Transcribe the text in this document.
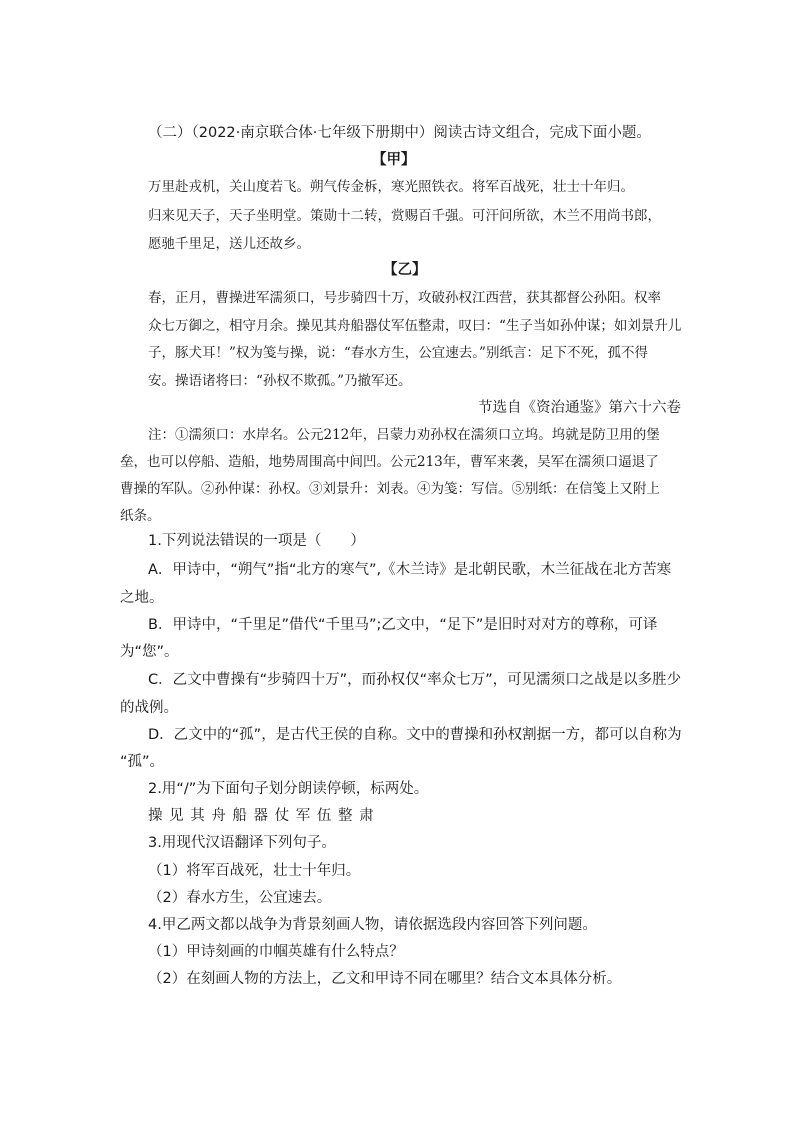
（二）（2022·南京联合体·七年级下册期中）阅读古诗文组合，完成下面小题。
【甲】
万里赴戎机，关山度若飞。朔气传金柝，寒光照铁衣。将军百战死，壮士十年归。
归来见天子，天子坐明堂。策勋十二转，赏赐百千强。可汗问所欲，木兰不用尚书郎，
愿驰千里足，送儿还故乡。
【乙】
春，正月，曹操进军濡须口，号步骑四十万，攻破孙权江西营，获其都督公孙阳。权率
众七万御之，相守月余。操见其舟船器仗军伍整肃，叹曰：“生子当如孙仲谋；如刘景升儿
子，豚犬耳！”权为笺与操，说：“春水方生，公宜速去。”别纸言：足下不死，孤不得
安。操语诸将曰：“孙权不欺孤。”乃撤军还。
节选自《资治通鉴》第六十六卷
注：①濡须口：水岸名。公元212年，吕蒙力劝孙权在濡须口立坞。坞就是防卫用的堡
垒，也可以停船、造船，地势周围高中间凹。公元213年，曹军来袭，吴军在濡须口逼退了
曹操的军队。②孙仲谋：孙权。③刘景升：刘表。④为笺：写信。⑤别纸：在信笺上又附上
纸条。
1.下列说法错误的一项是（　　）
A．甲诗中，“朔气”指“北方的寒气”,《木兰诗》是北朝民歌，木兰征战在北方苦寒
之地。
B．甲诗中，“千里足”借代“千里马”;乙文中，“足下”是旧时对对方的尊称，可译
为“您”。
C．乙文中曹操有“步骑四十万”，而孙权仅“率众七万”，可见濡须口之战是以多胜少
的战例。
D．乙文中的“孤”，是古代王侯的自称。文中的曹操和孙权割据一方，都可以自称为
“孤”。
2.用“/”为下面句子划分朗读停顿，标两处。
操 见 其 舟 船 器 仗 军 伍 整 肃
3.用现代汉语翻译下列句子。
（1）将军百战死，壮士十年归。
（2）春水方生，公宜速去。
4.甲乙两文都以战争为背景刻画人物，请依据选段内容回答下列问题。
（1）甲诗刻画的巾帼英雄有什么特点？
（2）在刻画人物的方法上，乙文和甲诗不同在哪里？结合文本具体分析。
